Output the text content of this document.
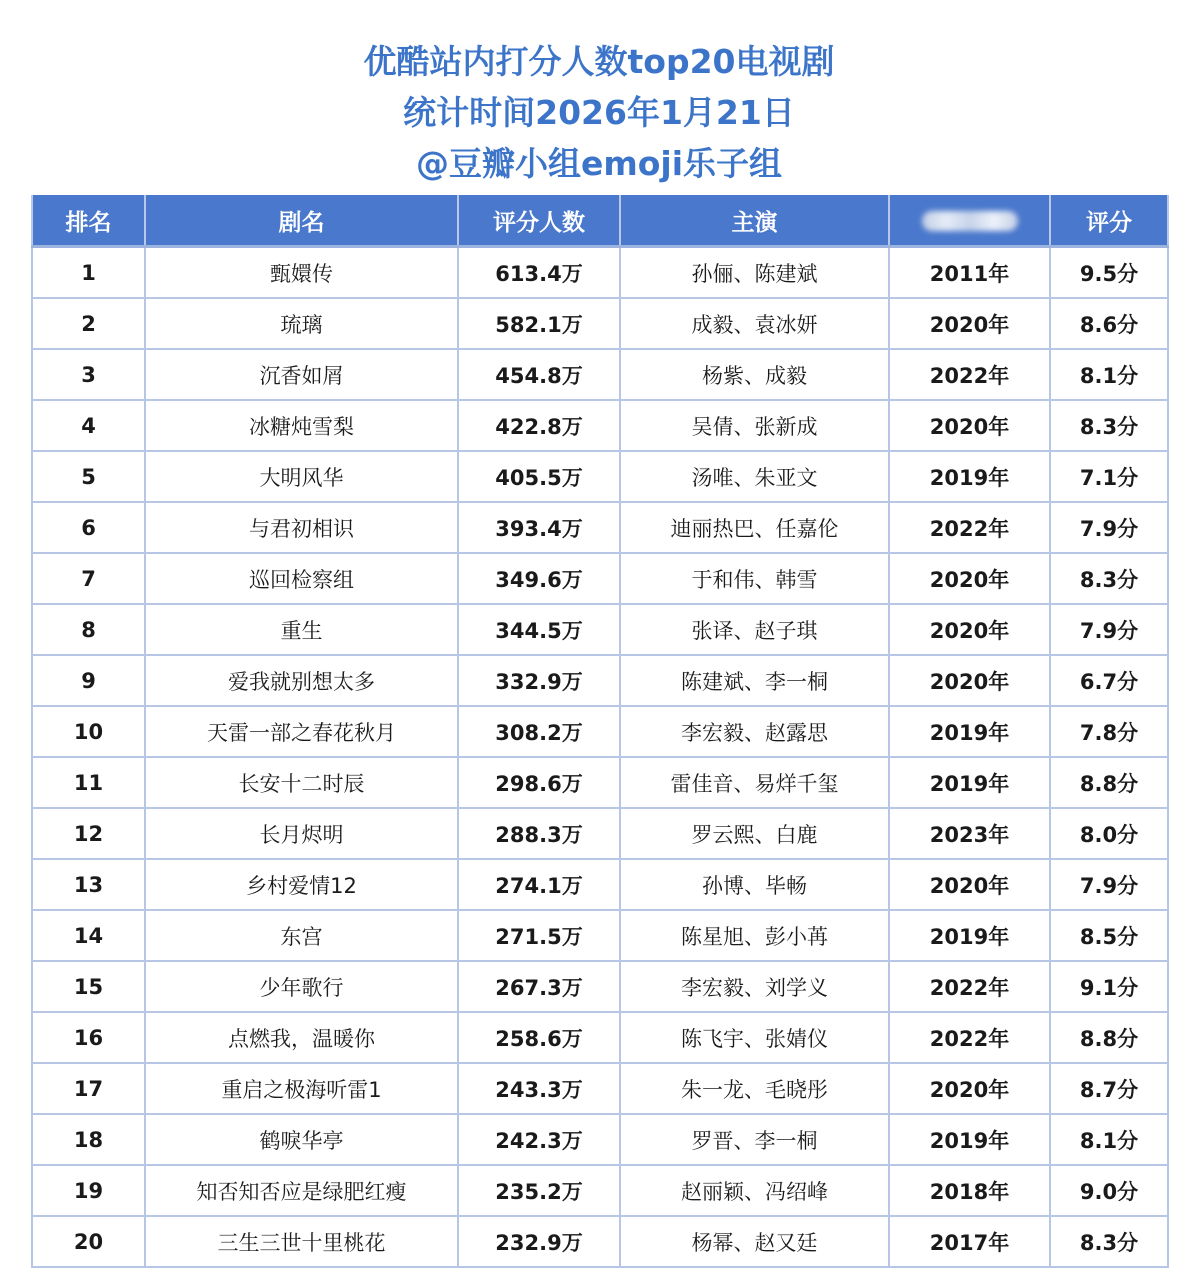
优酷站内打分人数top20电视剧
统计时间2026年1月21日
@豆瓣小组emoji乐子组
排名	剧名	评分人数	主演		评分
1	甄嬛传	613.4万	孙俪、陈建斌	2011年	9.5分
2	琉璃	582.1万	成毅、袁冰妍	2020年	8.6分
3	沉香如屑	454.8万	杨紫、成毅	2022年	8.1分
4	冰糖炖雪梨	422.8万	吴倩、张新成	2020年	8.3分
5	大明风华	405.5万	汤唯、朱亚文	2019年	7.1分
6	与君初相识	393.4万	迪丽热巴、任嘉伦	2022年	7.9分
7	巡回检察组	349.6万	于和伟、韩雪	2020年	8.3分
8	重生	344.5万	张译、赵子琪	2020年	7.9分
9	爱我就别想太多	332.9万	陈建斌、李一桐	2020年	6.7分
10	天雷一部之春花秋月	308.2万	李宏毅、赵露思	2019年	7.8分
11	长安十二时辰	298.6万	雷佳音、易烊千玺	2019年	8.8分
12	长月烬明	288.3万	罗云熙、白鹿	2023年	8.0分
13	乡村爱情12	274.1万	孙博、毕畅	2020年	7.9分
14	东宫	271.5万	陈星旭、彭小苒	2019年	8.5分
15	少年歌行	267.3万	李宏毅、刘学义	2022年	9.1分
16	点燃我，温暖你	258.6万	陈飞宇、张婧仪	2022年	8.8分
17	重启之极海听雷1	243.3万	朱一龙、毛晓彤	2020年	8.7分
18	鹤唳华亭	242.3万	罗晋、李一桐	2019年	8.1分
19	知否知否应是绿肥红瘦	235.2万	赵丽颖、冯绍峰	2018年	9.0分
20	三生三世十里桃花	232.9万	杨幂、赵又廷	2017年	8.3分
